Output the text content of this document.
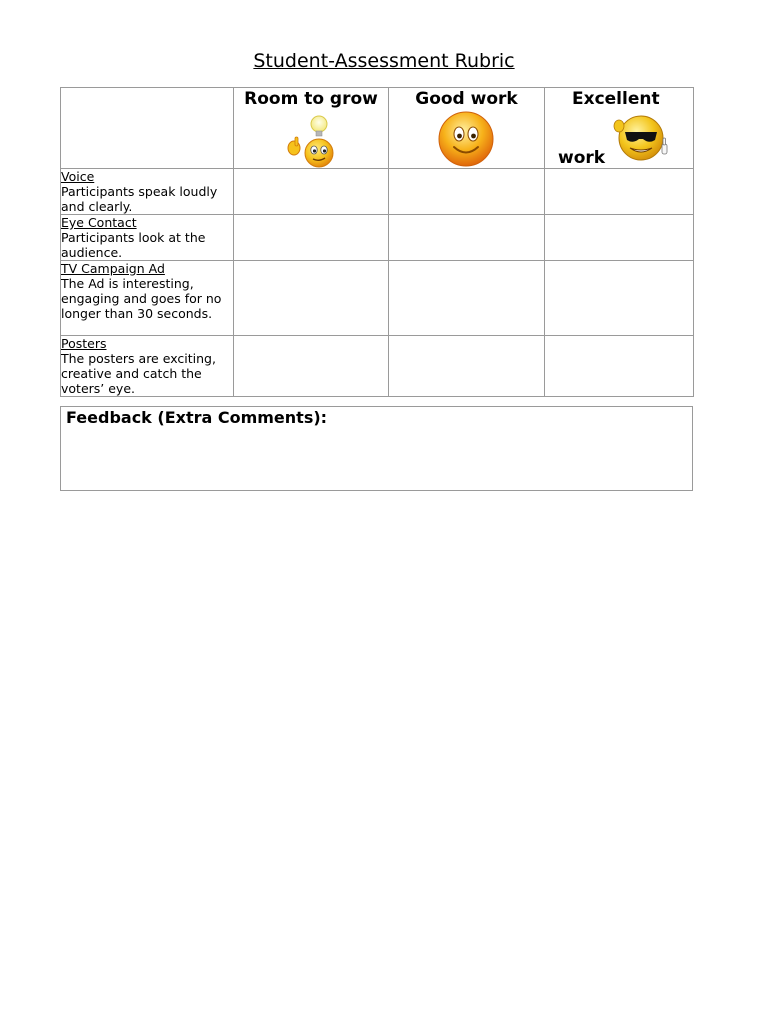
Student-Assessment Rubric

	Room to grow	Good work	Excellent
work

Voice
Participants speak loudly and clearly.			

Eye Contact
Participants look at the audience.			

TV Campaign Ad
The Ad is interesting, engaging and goes for no longer than 30 seconds.			

Posters
The posters are exciting, creative and catch the voters’ eye.			
Feedback (Extra Comments):
